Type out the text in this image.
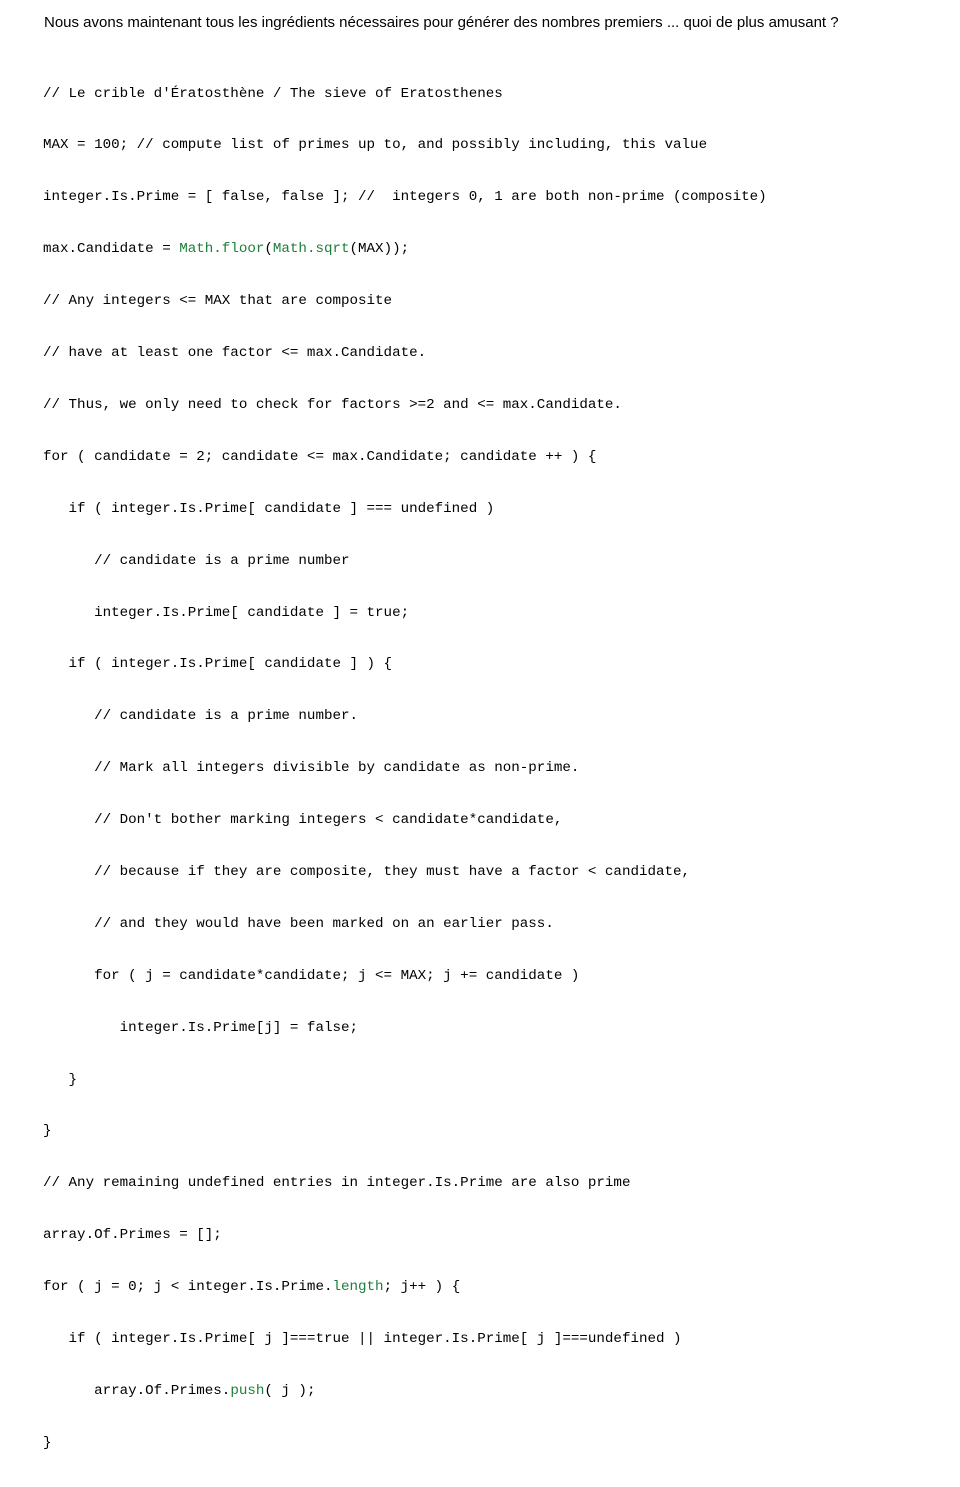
Nous avons maintenant tous les ingrédients nécessaires pour générer des nombres premiers ... quoi de plus amusant ?

// Le crible d'Ératosthène / The sieve of Eratosthenes

MAX = 100; // compute list of primes up to, and possibly including, this value

integer.Is.Prime = [ false, false ]; //  integers 0, 1 are both non-prime (composite)

max.Candidate = Math.floor(Math.sqrt(MAX));

// Any integers <= MAX that are composite

// have at least one factor <= max.Candidate.

// Thus, we only need to check for factors >=2 and <= max.Candidate.

for ( candidate = 2; candidate <= max.Candidate; candidate ++ ) {

if ( integer.Is.Prime[ candidate ] === undefined )

// candidate is a prime number

integer.Is.Prime[ candidate ] = true;

if ( integer.Is.Prime[ candidate ] ) {

// candidate is a prime number.

// Mark all integers divisible by candidate as non-prime.

// Don't bother marking integers < candidate*candidate,

// because if they are composite, they must have a factor < candidate,

// and they would have been marked on an earlier pass.

for ( j = candidate*candidate; j <= MAX; j += candidate )

integer.Is.Prime[j] = false;

}

}

// Any remaining undefined entries in integer.Is.Prime are also prime

array.Of.Primes = [];

for ( j = 0; j < integer.Is.Prime.length; j++ ) {

if ( integer.Is.Prime[ j ]===true || integer.Is.Prime[ j ]===undefined )

array.Of.Primes.push( j );

}
